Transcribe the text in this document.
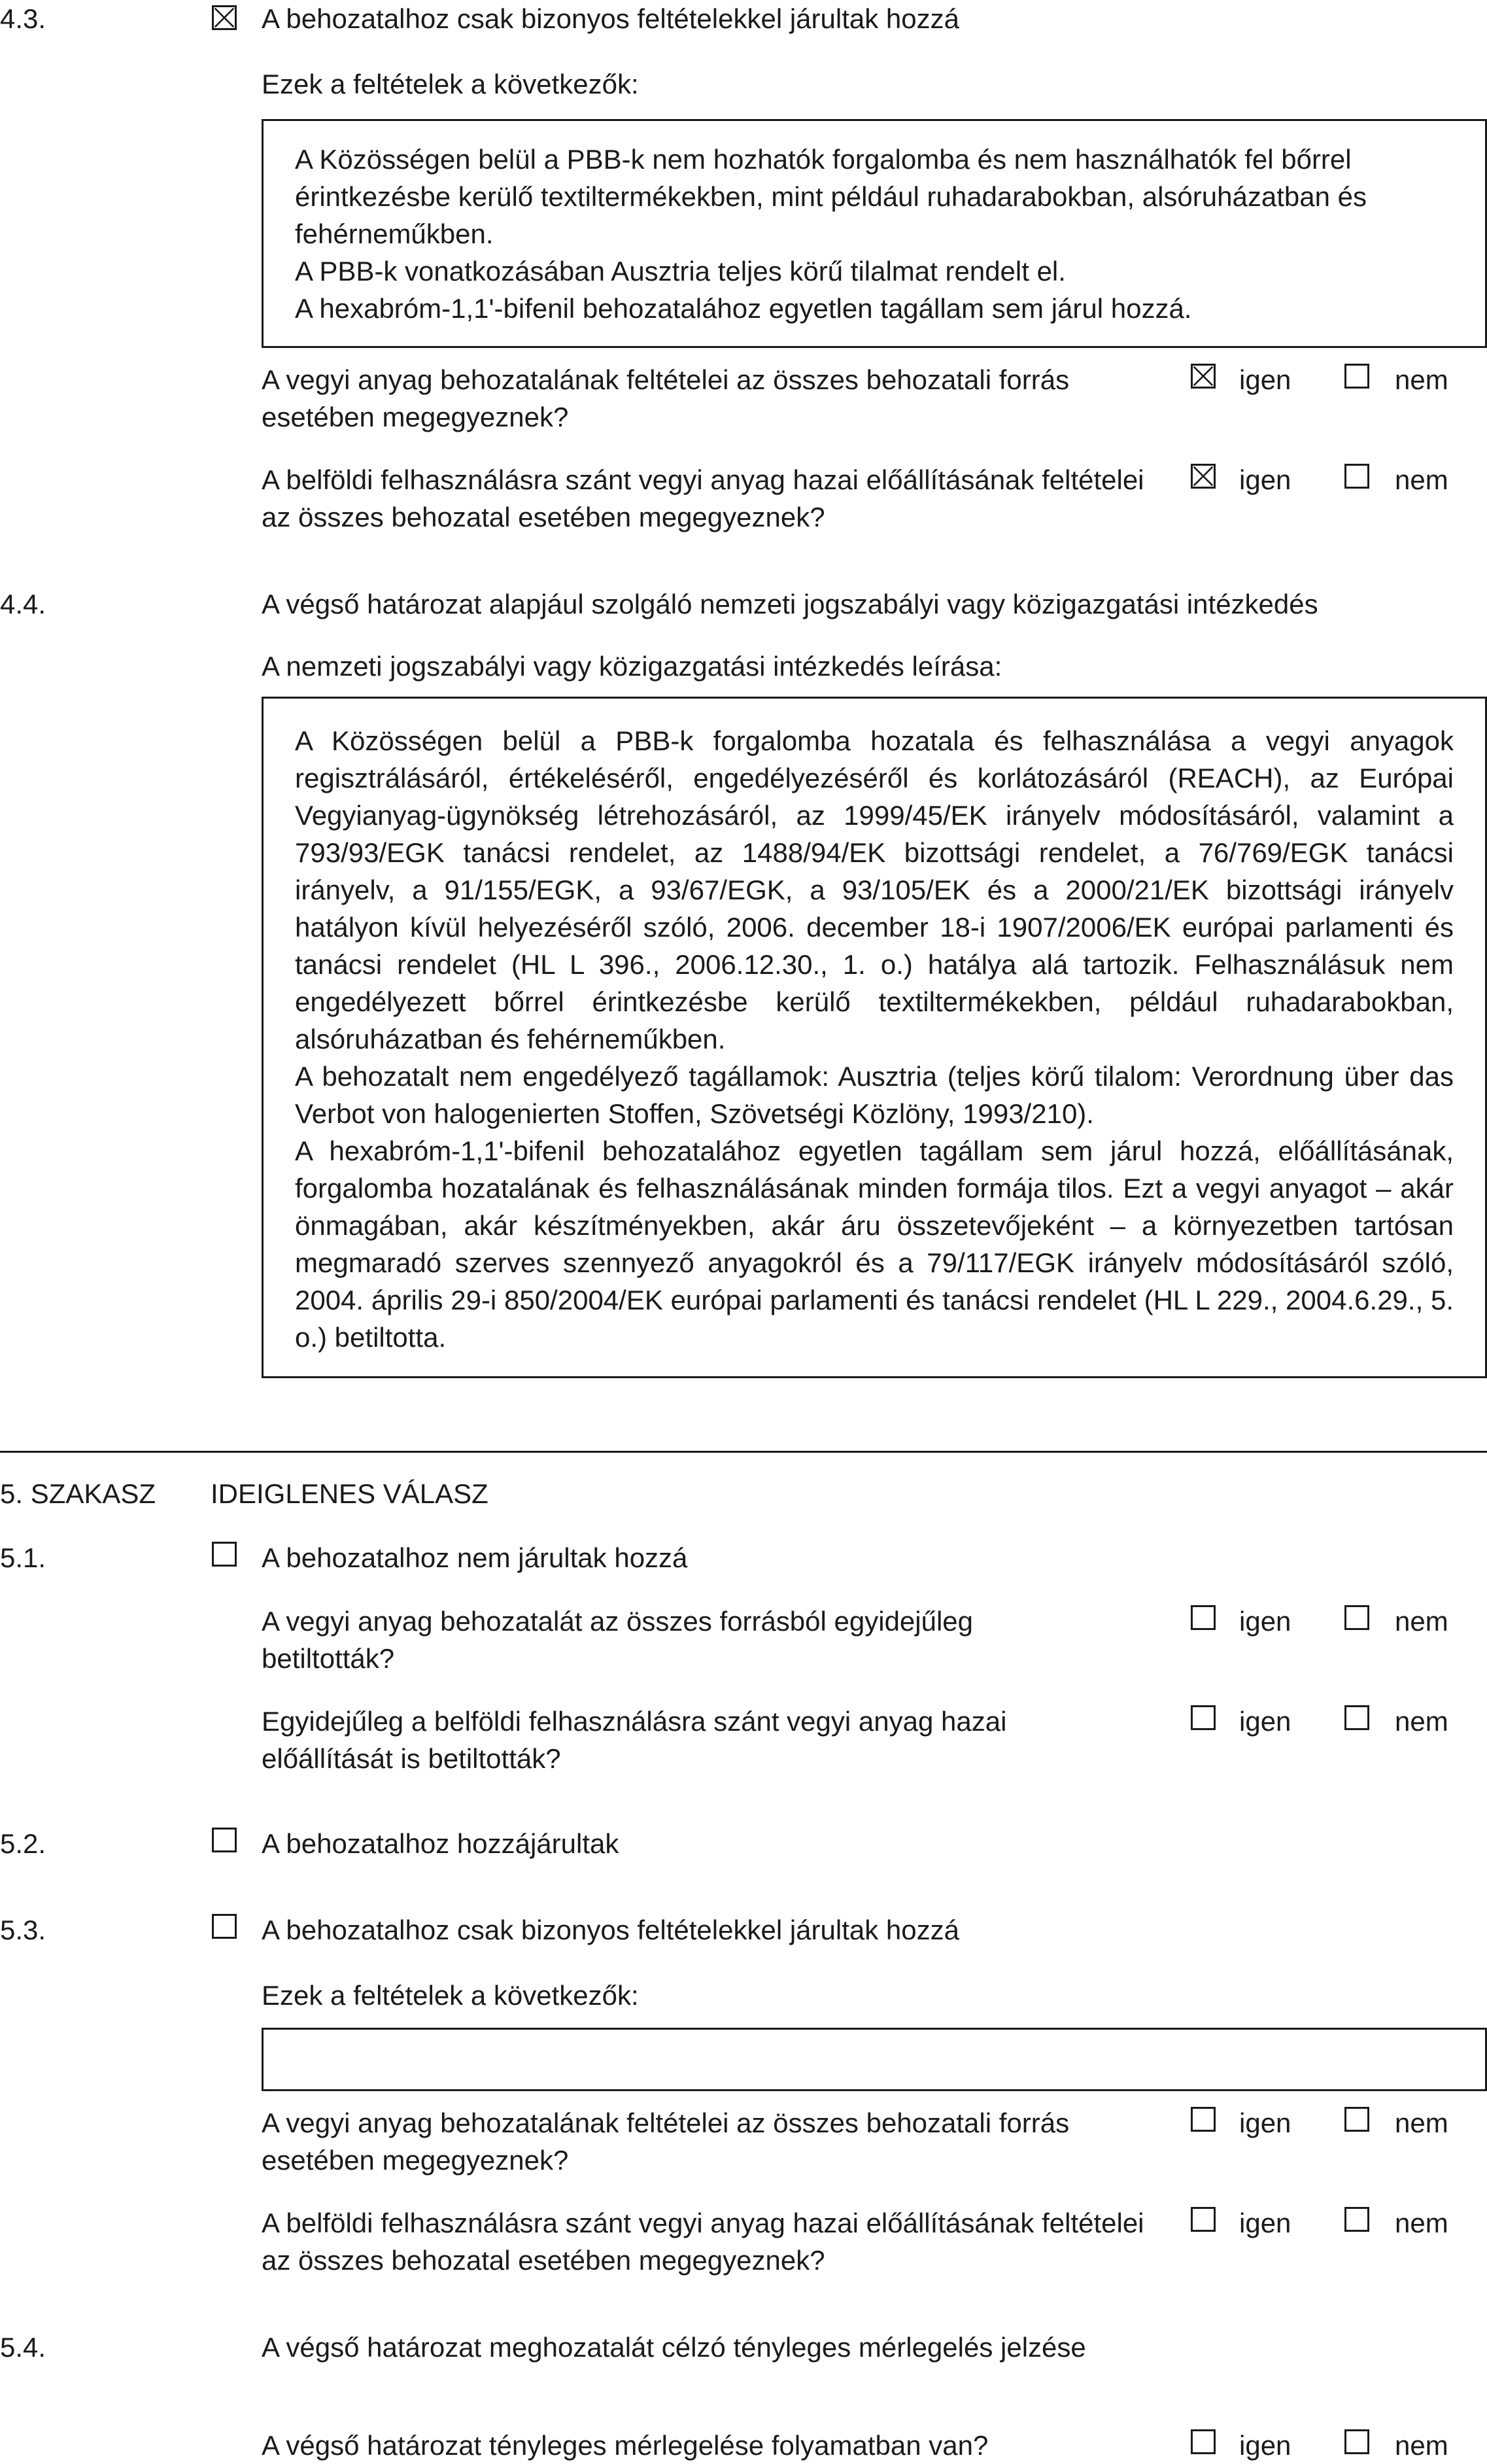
4.3.	A behozatalhoz csak bizonyos feltételekkel járultak hozzá
Ezek a feltételek a következők:

A Közösségen belül a PBB-k nem hozhatók forgalomba és nem használhatók fel bőrrel érintkezésbe kerülő textiltermékekben, mint például ruhadarabokban, alsóruházatban és fehérneműkben.

A PBB-k vonatkozásában Ausztria teljes körű tilalmat rendelt el.

A hexabróm-1,1'-bifenil behozatalához egyetlen tagállam sem járul hozzá.

A vegyi anyag behozatalának feltételei az összes behozatali forrás esetében megegyeznek?
igen	nem
A belföldi felhasználásra szánt vegyi anyag hazai előállításának feltételei az összes behozatal esetében megegyeznek?
igen	nem
4.4.	A végső határozat alapjául szolgáló nemzeti jogszabályi vagy közigazgatási intézkedés
A nemzeti jogszabályi vagy közigazgatási intézkedés leírása:

A Közösségen belül a PBB-k forgalomba hozatala és felhasználása a vegyi anyagok regisztrálásáról, értékeléséről, engedélyezéséről és korlátozásáról (REACH), az Európai Vegyianyag-ügynökség létrehozásáról, az 1999/45/EK irányelv módosításáról, valamint a 793/93/EGK tanácsi rendelet, az 1488/94/EK bizottsági rendelet, a 76/769/EGK tanácsi irányelv, a 91/155/EGK, a 93/67/EGK, a 93/105/EK és a 2000/21/EK bizottsági irányelv hatályon kívül helyezéséről szóló, 2006. december 18-i 1907/2006/EK európai parlamenti és tanácsi rendelet (HL L 396., 2006.12.30., 1. o.) hatálya alá tartozik. Felhasználásuk nem engedélyezett bőrrel érintkezésbe kerülő textiltermékekben, például ruhadarabokban, alsóruházatban és fehérneműkben.

A behozatalt nem engedélyező tagállamok: Ausztria (teljes körű tilalom: Verordnung über das Verbot von halogenierten Stoffen, Szövetségi Közlöny, 1993/210).

A hexabróm-1,1'-bifenil behozatalához egyetlen tagállam sem járul hozzá, előállításának, forgalomba hozatalának és felhasználásának minden formája tilos. Ezt a vegyi anyagot – akár önmagában, akár készítményekben, akár áru összetevőjeként – a környezetben tartósan megmaradó szerves szennyező anyagokról és a 79/117/EGK irányelv módosításáról szóló, 2004. április 29-i 850/2004/EK európai parlamenti és tanácsi rendelet (HL L 229., 2004.6.29., 5. o.) betiltotta.

5. SZAKASZ IDEIGLENES VÁLASZ
5.1.	A behozatalhoz nem járultak hozzá
A vegyi anyag behozatalát az összes forrásból egyidejűleg betiltották?
igen	nem
Egyidejűleg a belföldi felhasználásra szánt vegyi anyag hazai előállítását is betiltották?
igen	nem
5.2.	A behozatalhoz hozzájárultak
5.3.	A behozatalhoz csak bizonyos feltételekkel járultak hozzá
Ezek a feltételek a következők:
A vegyi anyag behozatalának feltételei az összes behozatali forrás esetében megegyeznek?
igen	nem
A belföldi felhasználásra szánt vegyi anyag hazai előállításának feltételei az összes behozatal esetében megegyeznek?
igen	nem
5.4.	A végső határozat meghozatalát célzó tényleges mérlegelés jelzése
A végső határozat tényleges mérlegelése folyamatban van?	igen	nem
